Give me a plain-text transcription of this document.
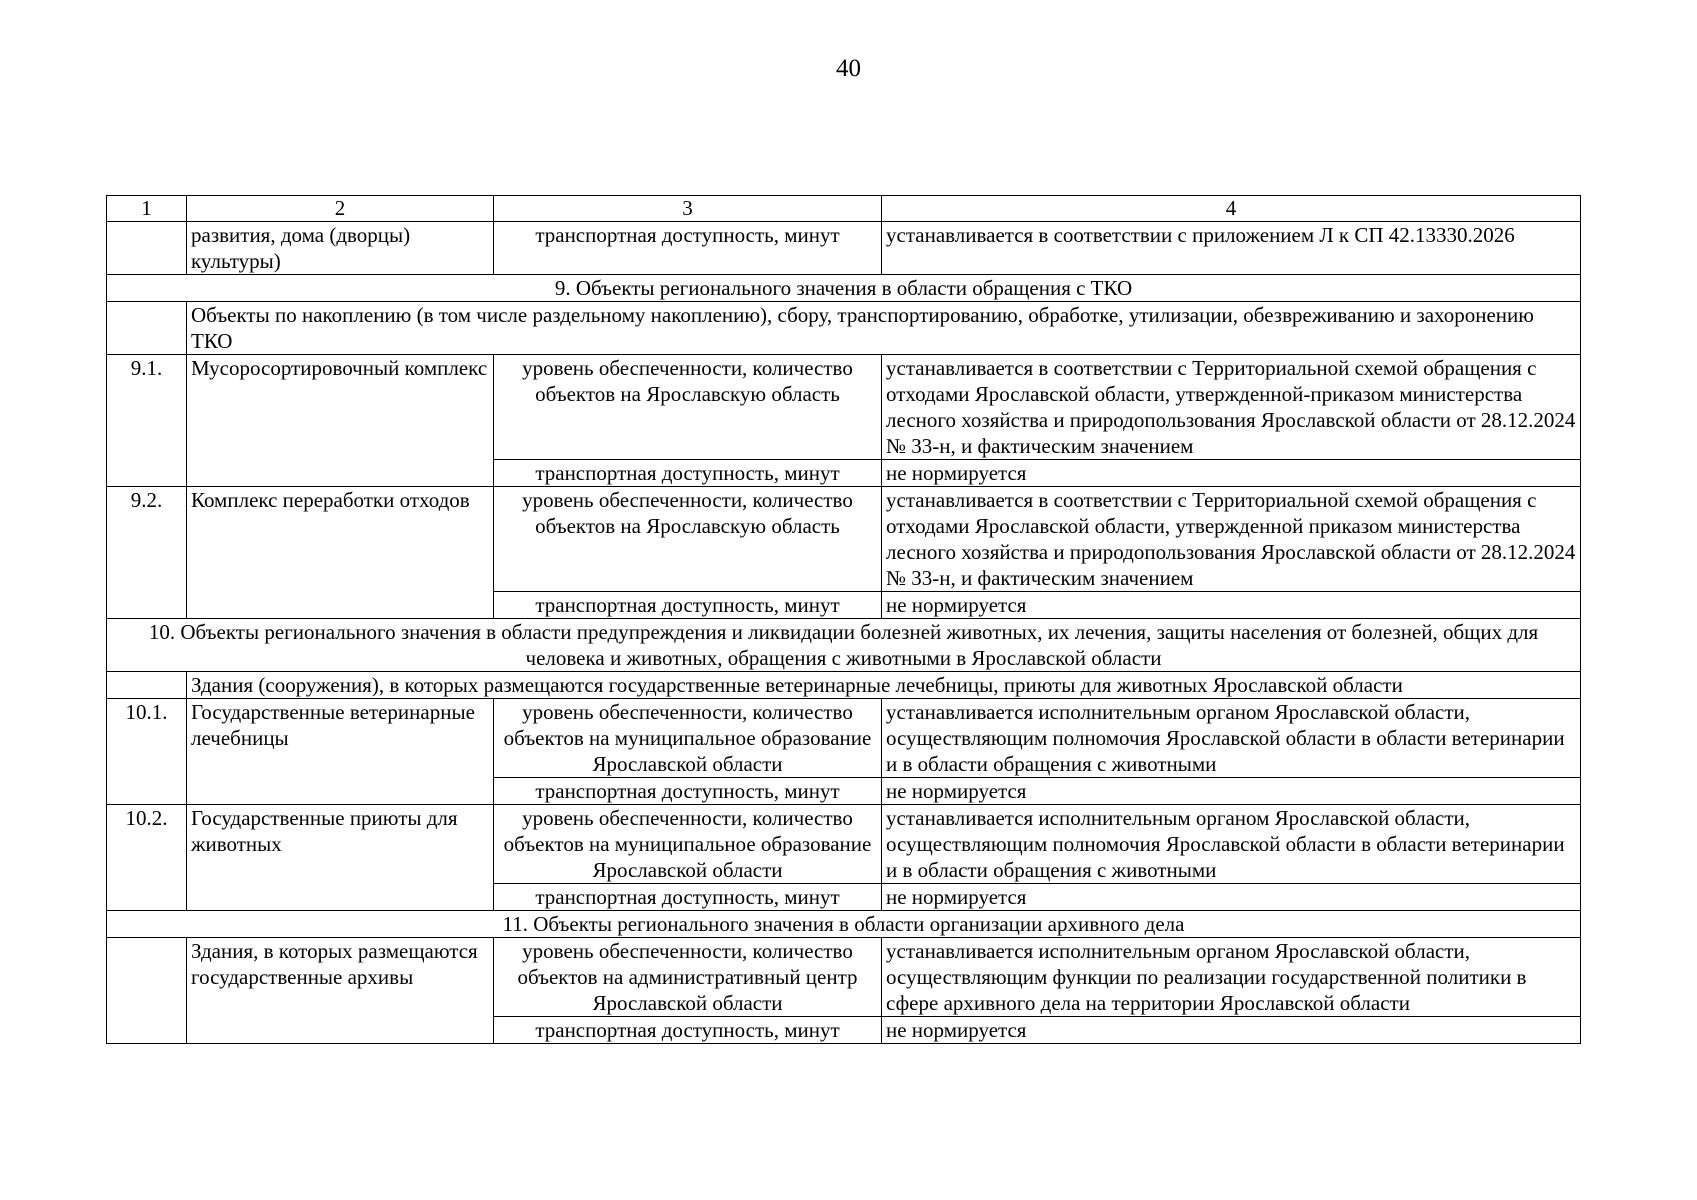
40
1	2	3	4
	развития, дома (дворцы) культуры)	транспортная доступность, минут	устанавливается в соответствии с приложением Л к СП 42.13330.2026
9. Объекты регионального значения в области обращения с ТКО			
	Объекты по накоплению (в том числе раздельному накоплению), сбору, транспортированию, обработке, утилизации, обезвреживанию и захоронению ТКО		
9.1.	Мусоросортировочный комплекс	уровень обеспеченности, количество объектов на Ярославскую область	устанавливается в соответствии с Территориальной схемой обращения с отходами Ярославской области, утвержденной-приказом министерства лесного хозяйства и природопользования Ярославской области от 28.12.2024 № 33-н, и фактическим значением
		транспортная доступность, минут	не нормируется
9.2.	Комплекс переработки отходов	уровень обеспеченности, количество объектов на Ярославскую область	устанавливается в соответствии с Территориальной схемой обращения с отходами Ярославской области, утвержденной приказом министерства лесного хозяйства и природопользования Ярославской области от 28.12.2024 № 33-н, и фактическим значением
		транспортная доступность, минут	не нормируется
10. Объекты регионального значения в области предупреждения и ликвидации болезней животных, их лечения, защиты населения от болезней, общих для человека и животных, обращения с животными в Ярославской области			
	Здания (сооружения), в которых размещаются государственные ветеринарные лечебницы, приюты для животных Ярославской области		
10.1.	Государственные ветеринарные лечебницы	уровень обеспеченности, количество объектов на муниципальное образование Ярославской области	устанавливается исполнительным органом Ярославской области, осуществляющим полномочия Ярославской области в области ветеринарии и в области обращения с животными
		транспортная доступность, минут	не нормируется
10.2.	Государственные приюты для животных	уровень обеспеченности, количество объектов на муниципальное образование Ярославской области	устанавливается исполнительным органом Ярославской области, осуществляющим полномочия Ярославской области в области ветеринарии и в области обращения с животными
		транспортная доступность, минут	не нормируется
11. Объекты регионального значения в области организации архивного дела			
	Здания, в которых размещаются государственные архивы	уровень обеспеченности, количество объектов на административный центр Ярославской области	устанавливается исполнительным органом Ярославской области, осуществляющим функции по реализации государственной политики в сфере архивного дела на территории Ярославской области
		транспортная доступность, минут	не нормируется
